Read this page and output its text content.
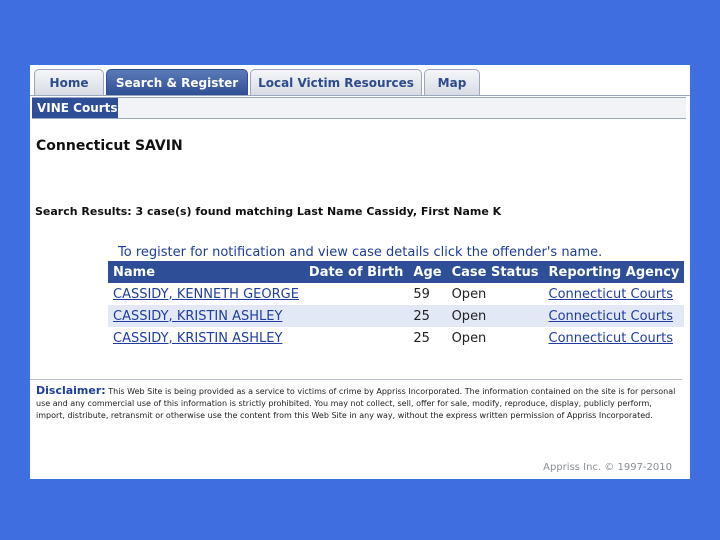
Home	Search & Register	Local Victim Resources	Map
VINE Courts
Connecticut SAVIN
Search Results: 3 case(s) found matching Last Name Cassidy, First Name K
To register for notification and view case details click the offender's name.
Name	Date of Birth	Age	Case Status	Reporting Agency
CASSIDY, KENNETH GEORGE		59	Open	Connecticut Courts
CASSIDY, KRISTIN ASHLEY		25	Open	Connecticut Courts
CASSIDY, KRISTIN ASHLEY		25	Open	Connecticut Courts
Disclaimer: This Web Site is being provided as a service to victims of crime by Appriss Incorporated. The information contained on the site is for personal use and any commercial use of this information is strictly prohibited. You may not collect, sell, offer for sale, modify, reproduce, display, publicly perform, import, distribute, retransmit or otherwise use the content from this Web Site in any way, without the express written permission of Appriss Incorporated.
Appriss Inc. © 1997-2010
